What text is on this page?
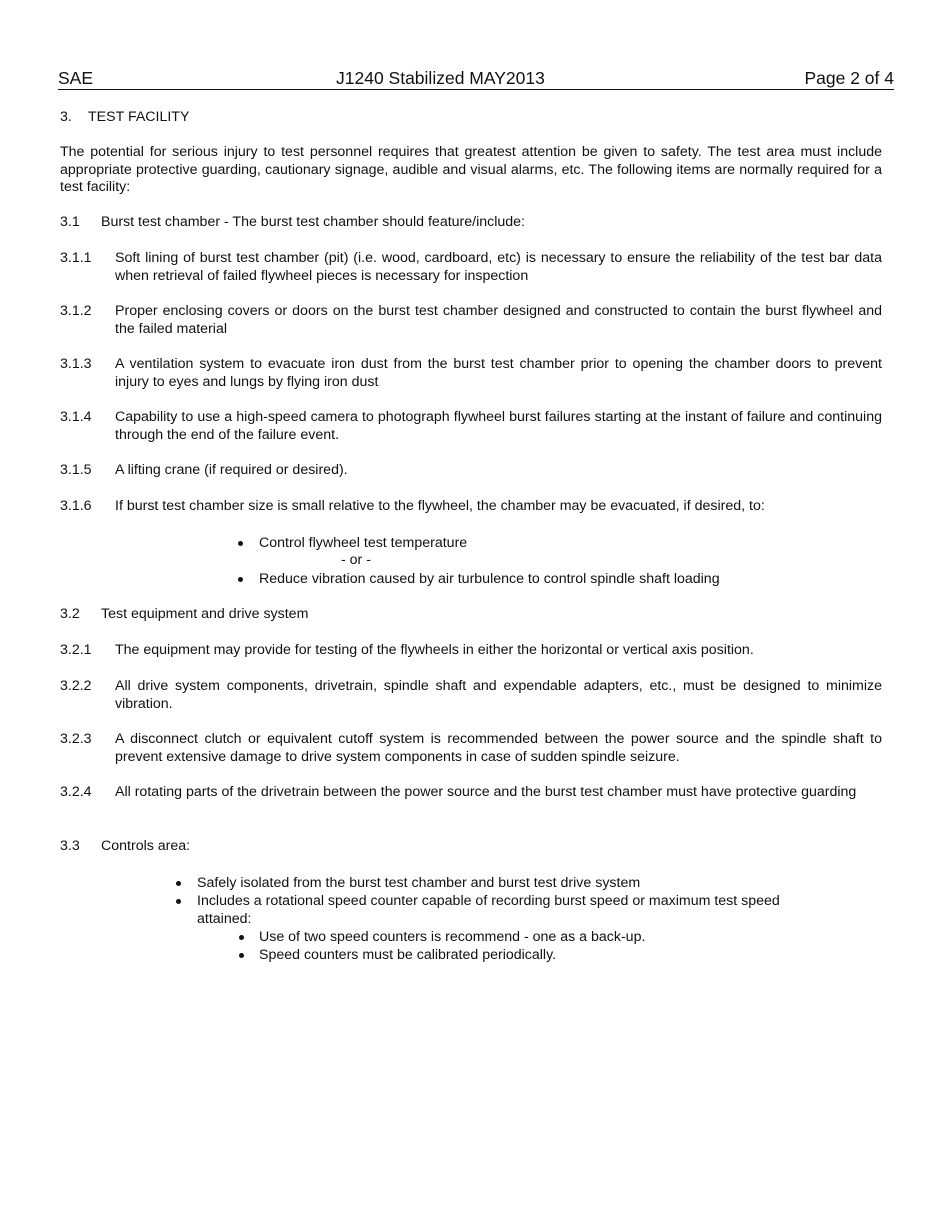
SAE	J1240 Stabilized MAY2013	Page 2 of 4
3. TEST FACILITY
The potential for serious injury to test personnel requires that greatest attention be given to safety. The test area must include appropriate protective guarding, cautionary signage, audible and visual alarms, etc. The following items are normally required for a test facility:
3.1 Burst test chamber - The burst test chamber should feature/include:
3.1.1 Soft lining of burst test chamber (pit) (i.e. wood, cardboard, etc) is necessary to ensure the reliability of the test bar data when retrieval of failed flywheel pieces is necessary for inspection
3.1.2 Proper enclosing covers or doors on the burst test chamber designed and constructed to contain the burst flywheel and the failed material
3.1.3 A ventilation system to evacuate iron dust from the burst test chamber prior to opening the chamber doors to prevent injury to eyes and lungs by flying iron dust
3.1.4 Capability to use a high-speed camera to photograph flywheel burst failures starting at the instant of failure and continuing through the end of the failure event.
3.1.5 A lifting crane (if required or desired).
3.1.6 If burst test chamber size is small relative to the flywheel, the chamber may be evacuated, if desired, to:
Control flywheel test temperature
Reduce vibration caused by air turbulence to control spindle shaft loading
- or -
3.2 Test equipment and drive system
3.2.1 The equipment may provide for testing of the flywheels in either the horizontal or vertical axis position.
3.2.2 All drive system components, drivetrain, spindle shaft and expendable adapters, etc., must be designed to minimize vibration.
3.2.3 A disconnect clutch or equivalent cutoff system is recommended between the power source and the spindle shaft to prevent extensive damage to drive system components in case of sudden spindle seizure.
3.2.4 All rotating parts of the drivetrain between the power source and the burst test chamber must have protective guarding
3.3 Controls area:
Safely isolated from the burst test chamber and burst test drive system
Includes a rotational speed counter capable of recording burst speed or maximum test speed attained:
Use of two speed counters is recommend - one as a back-up.
Speed counters must be calibrated periodically.
